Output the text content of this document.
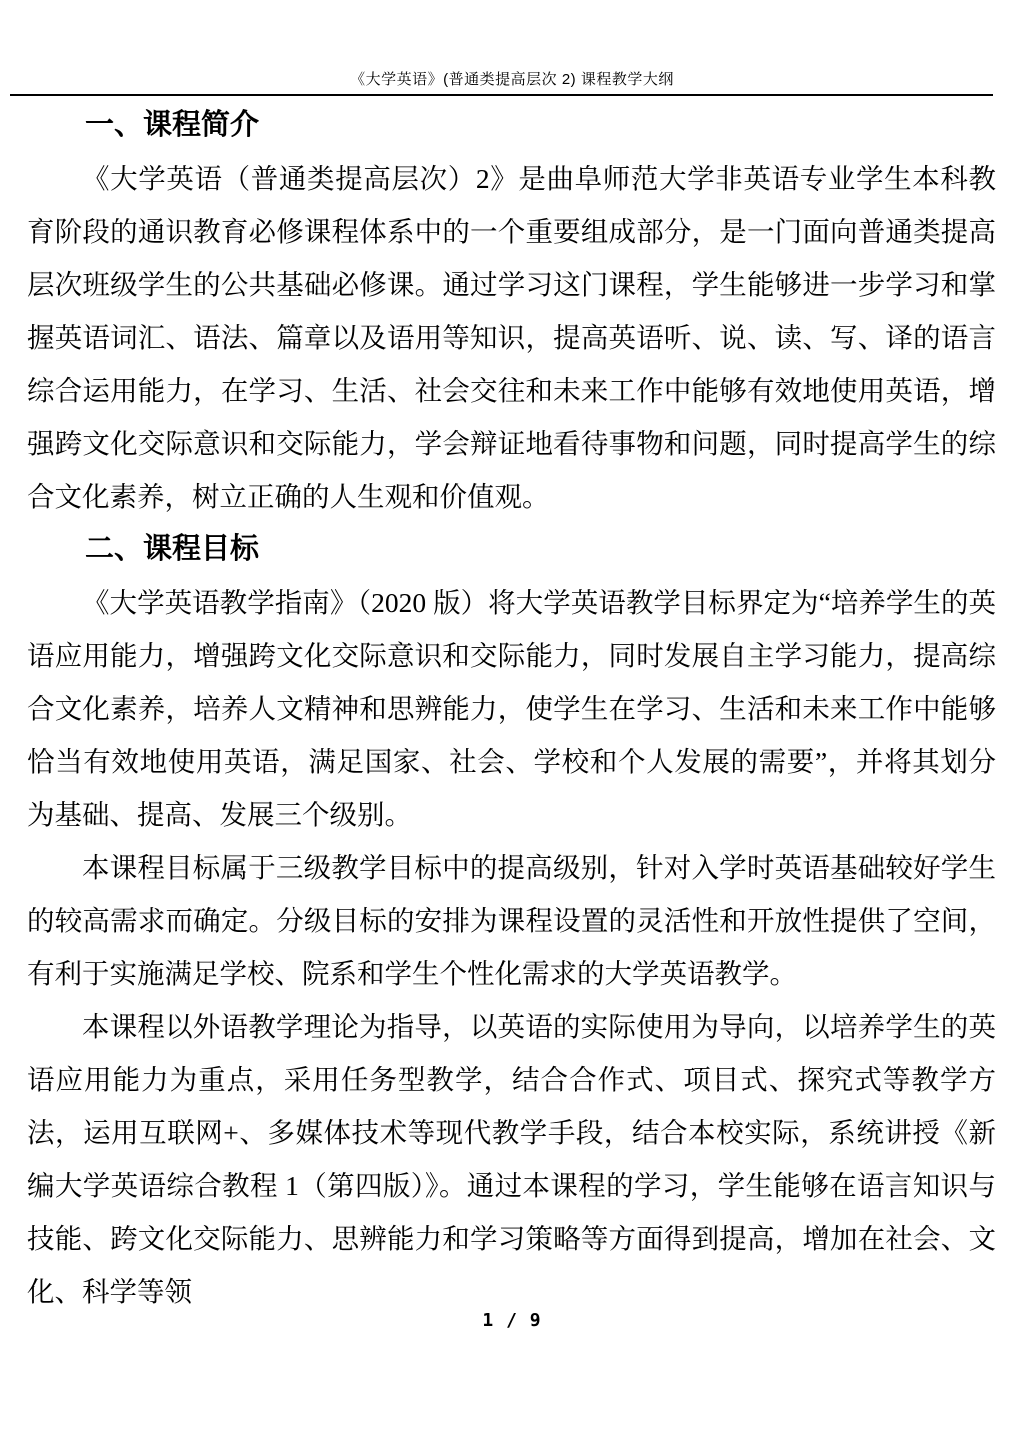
《大学英语》(普通类提高层次 2) 课程教学大纲
一、课程简介

《大学英语（普通类提高层次）2》是曲阜师范大学非英语专业学生本科教育阶段的通识教育必修课程体系中的一个重要组成部分，是一门面向普通类提高层次班级学生的公共基础必修课。通过学习这门课程，学生能够进一步学习和掌握英语词汇、语法、篇章以及语用等知识，提高英语听、说、读、写、译的语言综合运用能力，在学习、生活、社会交往和未来工作中能够有效地使用英语，增强跨文化交际意识和交际能力，学会辩证地看待事物和问题，同时提高学生的综合文化素养，树立正确的人生观和价值观。

二、课程目标

《大学英语教学指南》（2020 版）将大学英语教学目标界定为“培养学生的英语应用能力，增强跨文化交际意识和交际能力，同时发展自主学习能力，提高综合文化素养，培养人文精神和思辨能力，使学生在学习、生活和未来工作中能够恰当有效地使用英语，满足国家、社会、学校和个人发展的需要”，并将其划分为基础、提高、发展三个级别。

本课程目标属于三级教学目标中的提高级别，针对入学时英语基础较好学生的较高需求而确定。分级目标的安排为课程设置的灵活性和开放性提供了空间，有利于实施满足学校、院系和学生个性化需求的大学英语教学。

本课程以外语教学理论为指导，以英语的实际使用为导向，以培养学生的英语应用能力为重点，采用任务型教学，结合合作式、项目式、探究式等教学方法，运用互联网+、多媒体技术等现代教学手段，结合本校实际，系统讲授《新编大学英语综合教程 1（第四版）》。通过本课程的学习，学生能够在语言知识与技能、跨文化交际能力、思辨能力和学习策略等方面得到提高，增加在社会、文化、科学等领

1 / 9
